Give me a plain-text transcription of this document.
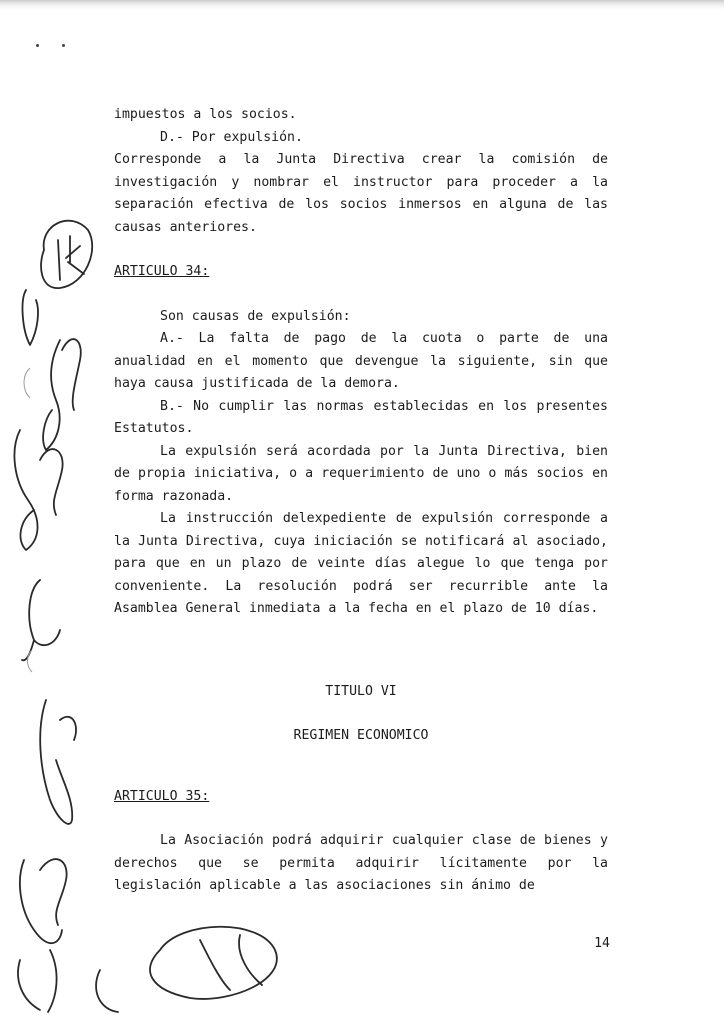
impuestos a los socios.

D.- Por expulsión.

Corresponde a la Junta Directiva crear la comisión de investigación y nombrar el instructor para proceder a la separación efectiva de los socios inmersos en alguna de las causas anteriores.

ARTICULO 34:

Son causas de expulsión:

A.- La falta de pago de la cuota o parte de una anualidad en el momento que devengue la siguiente, sin que haya causa justificada de la demora.

B.- No cumplir las normas establecidas en los presentes Estatutos.

La expulsión será acordada por la Junta Directiva, bien de propia iniciativa, o a requerimiento de uno o más socios en forma razonada.

La instrucción delexpediente de expulsión corresponde a la Junta Directiva, cuya iniciación se notificará al asociado, para que en un plazo de veinte días alegue lo que tenga por conveniente. La resolución podrá ser recurrible ante la Asamblea General inmediata a la fecha en el plazo de 10 días.

TITULO VI

REGIMEN ECONOMICO

ARTICULO 35:

La Asociación podrá adquirir cualquier clase de bienes y derechos que se permita adquirir lícitamente por la legislación aplicable a las asociaciones sin ánimo de

14
